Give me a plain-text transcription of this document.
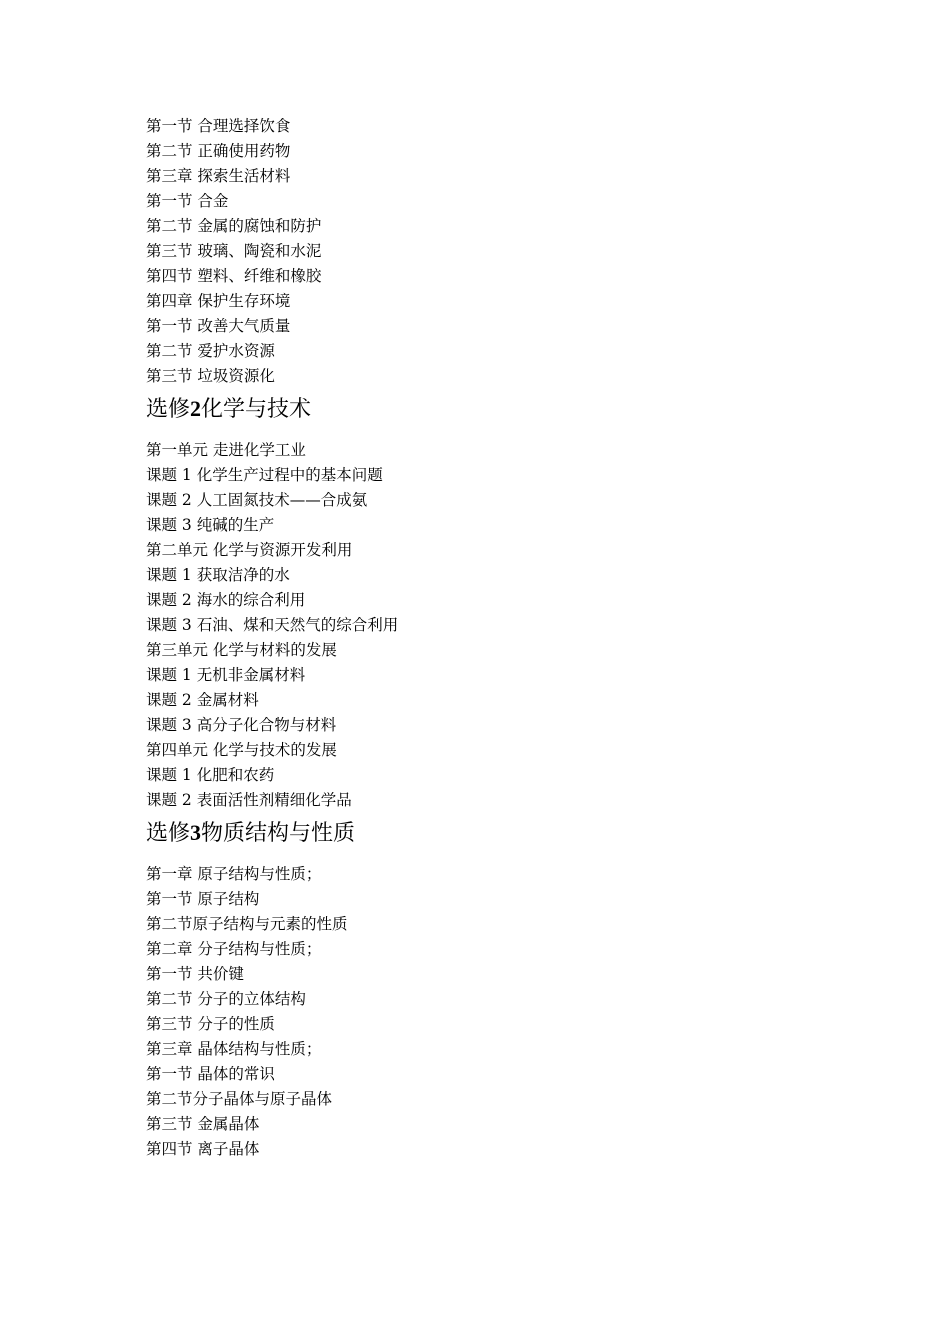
第一节 合理选择饮食
第二节 正确使用药物
第三章 探索生活材料
第一节 合金
第二节 金属的腐蚀和防护
第三节 玻璃、陶瓷和水泥
第四节 塑料、纤维和橡胶
第四章 保护生存环境
第一节 改善大气质量
第二节 爱护水资源
第三节 垃圾资源化
选修2化学与技术
第一单元 走进化学工业
课题 1 化学生产过程中的基本问题
课题 2 人工固氮技术——合成氨
课题 3 纯碱的生产
第二单元 化学与资源开发利用
课题 1 获取洁净的水
课题 2 海水的综合利用
课题 3 石油、煤和天然气的综合利用
第三单元 化学与材料的发展
课题 1 无机非金属材料
课题 2 金属材料
课题 3 高分子化合物与材料
第四单元 化学与技术的发展
课题 1 化肥和农药
课题 2 表面活性剂精细化学品
选修3物质结构与性质
第一章 原子结构与性质；
第一节 原子结构
第二节原子结构与元素的性质
第二章 分子结构与性质；
第一节 共价键
第二节 分子的立体结构
第三节 分子的性质
第三章 晶体结构与性质；
第一节 晶体的常识
第二节分子晶体与原子晶体
第三节 金属晶体
第四节 离子晶体
